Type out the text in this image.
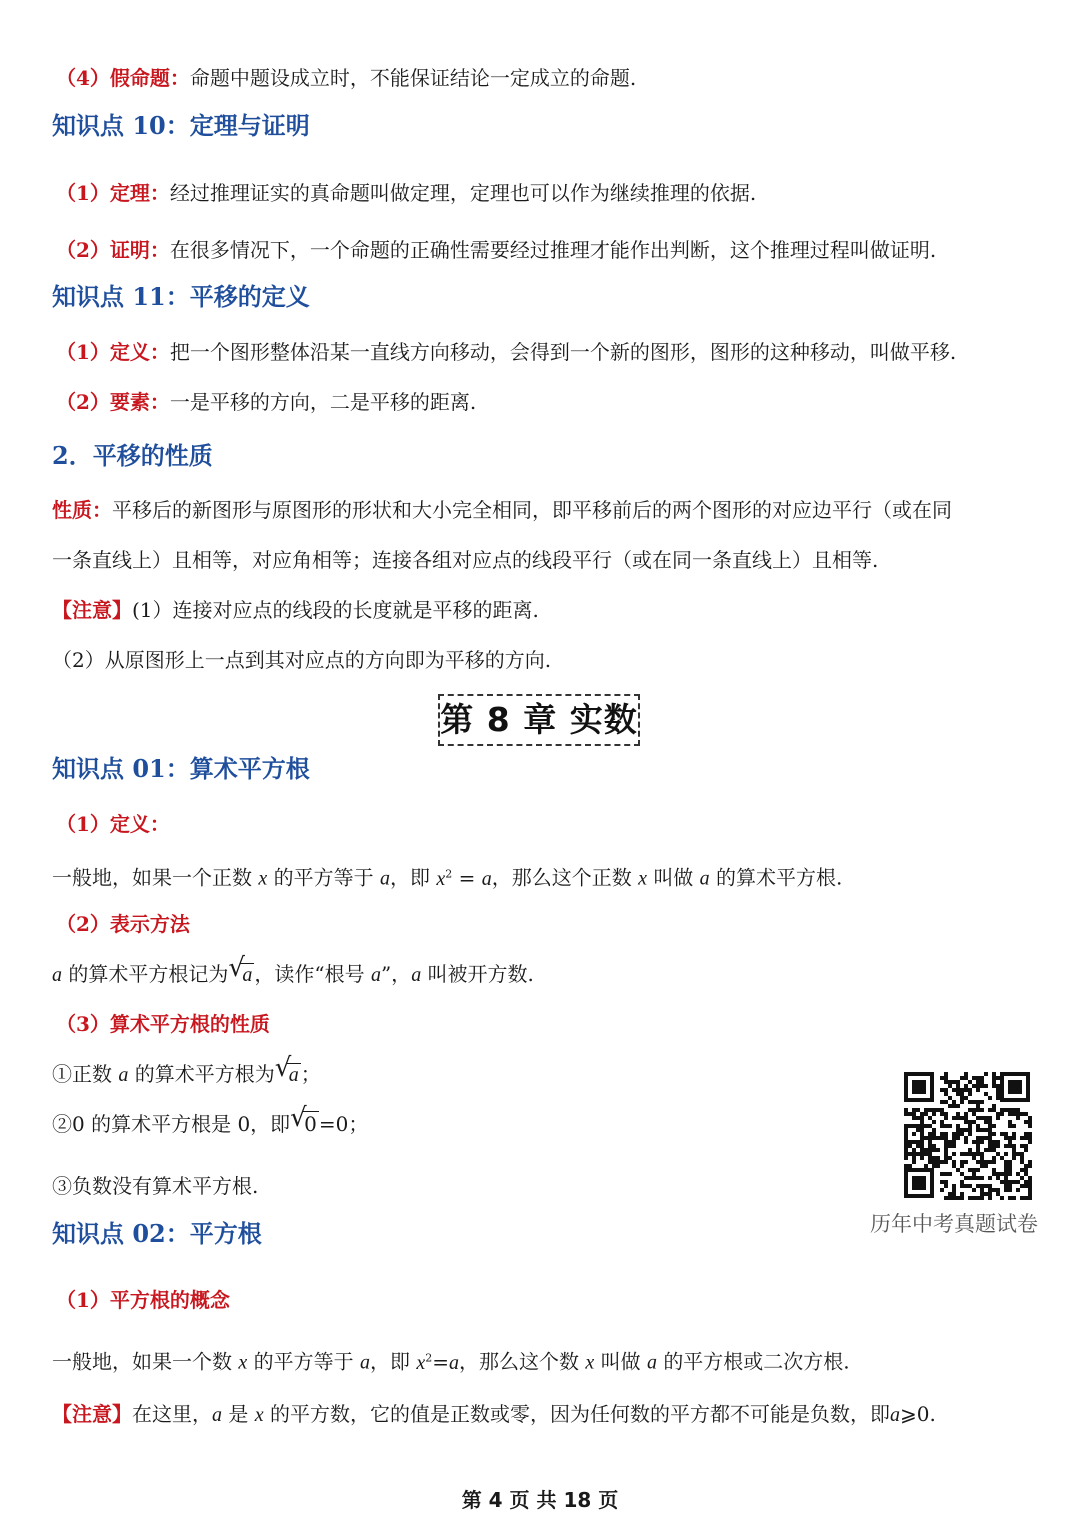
（4）假命题：命题中题设成立时，不能保证结论一定成立的命题.
知识点 10：定理与证明
（1）定理：经过推理证实的真命题叫做定理，定理也可以作为继续推理的依据.
（2）证明：在很多情况下，一个命题的正确性需要经过推理才能作出判断，这个推理过程叫做证明.
知识点 11：平移的定义
（1）定义：把一个图形整体沿某一直线方向移动，会得到一个新的图形，图形的这种移动，叫做平移.
（2）要素：一是平移的方向，二是平移的距离.
2．平移的性质
性质：平移后的新图形与原图形的形状和大小完全相同，即平移前后的两个图形的对应边平行（或在同
一条直线上）且相等，对应角相等；连接各组对应点的线段平行（或在同一条直线上）且相等.
【注意】(1）连接对应点的线段的长度就是平移的距离.
（2）从原图形上一点到其对应点的方向即为平移的方向.
第 8 章 实数
知识点 01：算术平方根
（1）定义：
一般地，如果一个正数 x 的平方等于 a，即 $x^2 = a$，那么这个正数 x 叫做 a 的算术平方根.
（2）表示方法
a 的算术平方根记为 √
a ，读作“根号 a”，a 叫被开方数.
（3）算术平方根的性质
①正数 a 的算术平方根为 √
a ；
②0 的算术平方根是 0，即 √
0 =0；
③负数没有算术平方根.
历年中考真题试卷
知识点 02：平方根
（1）平方根的概念
一般地，如果一个数 x 的平方等于 a，即 $x^2=a$，那么这个数 x 叫做 a 的平方根或二次方根.
【注意】在这里，a 是 x 的平方数，它的值是正数或零，因为任何数的平方都不可能是负数，即a⩾0.
第 4 页 共 18 页
